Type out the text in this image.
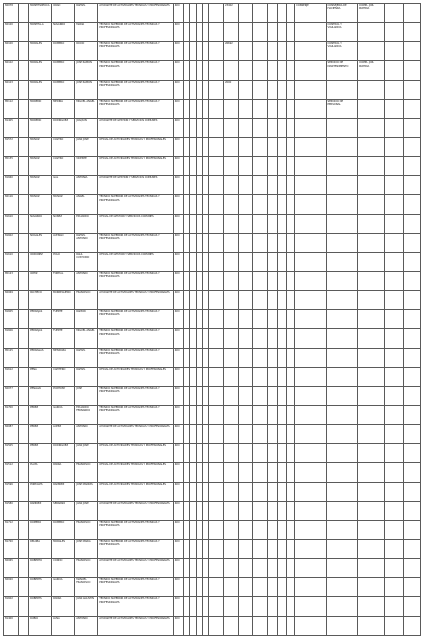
82078		MONTESDEOCA	ORAD	RAFAEL	AYUDANTE DE ACTIVIDADES TÉCNICAS Y PROFESIONALES	4DC						23402						CONSERJE	CONSEJERÍA DE HACIENDA	COMPL. JOR. PARTIDA		
82100		MONTELLA	NAVARRO	MARÍA	TÉCNICO SUPERIOR DE ACTIVIDADES TÉCNICAS Y PROFESIONALES	4DC													CONTROL Y VIGILANCIA			
82100		MORALES	ROMERO	ROCÍO	TÉCNICO SUPERIOR DE ACTIVIDADES TÉCNICAS Y PROFESIONALES	4DC						26692							CONTROL Y VIGILANCIA			
82102		MORALES	ROMERO	JOSÉ RAMÓN	TÉCNICO SUPERIOR DE ACTIVIDADES TÉCNICAS Y PROFESIONALES	4DC													SERVICIO DE MANTENIMIENTO	COMPL. JOR. PARTIDA		
82103		MORALES	ROMERO	JOSÉ RAMÓN	TÉCNICO SUPERIOR DE ACTIVIDADES TÉCNICAS Y PROFESIONALES	4DC						2000										
85112		MORENO	MEDINA	MIGUEL ÁNGEL	TÉCNICO SUPERIOR DE ACTIVIDADES TÉCNICAS Y PROFESIONALES	4DC													SERVICIO DE PERSONAL			
81405		MORENO	RODRÍGUEZ	JOAQUÍN	AYUDANTE DE GESTIÓN Y SERVICIOS COMUNES	4DC																
81572		MUÑOZ	CASTRO	JUAN JOSÉ	OFICIAL DE ACTIVIDADES TÉCNICAS Y PROFESIONALES	4DC																
85135		MUÑOZ	CASTRO	VICENTE	OFICIAL DE ACTIVIDADES TÉCNICAS Y PROFESIONALES	4DC																
81660		MUÑOZ	GAL	ANTONIA	AYUDANTE DE GESTIÓN Y SERVICIOS COMUNES	4DC																
82116		MUÑOZ	MUÑOZ	ÁNGEL	TÉCNICO SUPERIOR DE ACTIVIDADES TÉCNICAS Y PROFESIONALES	4DC																
81610		NAVARRO	NÚÑEZ	EDUARDO	OFICIAL DE GESTIÓN Y SERVICIOS COMUNES	4DC																
81602		NOGALES	LUENGO	RAFAEL ANTONIO	TÉCNICO SUPERIOR DE ACTIVIDADES TÉCNICAS Y PROFESIONALES	4DC																
81610		ORDÓÑEZ	POLO	RAÚL CUSTODIO	OFICIAL DE GESTIÓN Y SERVICIOS COMUNES	4DC																
85123		ORTIZ	FORTIAL	ANTONIO	TÉCNICO SUPERIOR DE ACTIVIDADES TÉCNICAS Y PROFESIONALES	4DC																
82069		PACHECO	BORREGUERO	FRANCISCO	AYUDANTE DE ACTIVIDADES TÉCNICAS Y PROFESIONALES	4DC																
81605		PEDRAJAS	FUERTE	RAMÓN	TÉCNICO SUPERIOR DE ACTIVIDADES TÉCNICAS Y PROFESIONALES	4DC																
81606		PEDRAJAS	FUERTE	MIGUEL ÁNGEL	TÉCNICO SUPERIOR DE ACTIVIDADES TÉCNICAS Y PROFESIONALES	4DC																
85125		PEDRAGAS	MENDOZA	RAFAEL	TÉCNICO SUPERIOR DE ACTIVIDADES TÉCNICAS Y PROFESIONALES	4DC																
81612		PEÑA	CAPITERO	RAFAEL	OFICIAL DE ACTIVIDADES TÉCNICAS Y PROFESIONALES	4DC																
82077		PEÑALVA	PONTONY	JOSÉ	TÉCNICO SUPERIOR DE ACTIVIDADES TÉCNICAS Y PROFESIONALES	4DC																
81700		PÉREZ	GARCÍA	EDUARDO FERNANDO	TÉCNICO SUPERIOR DE ACTIVIDADES TÉCNICAS Y PROFESIONALES	4DC																
82087		PÉREZ	LÓPEZ	ANTONIO	AYUDANTE DE ACTIVIDADES TÉCNICAS Y PROFESIONALES	4DC																
81505		PÉREZ	RODRÍGUEZ	JUAN JOSÉ	OFICIAL DE ACTIVIDADES TÉCNICAS Y PROFESIONALES	4DC																
81512		PLATA	PARRA	FRANCISCO	OFICIAL DE ACTIVIDADES TÉCNICAS Y PROFESIONALES	4DC																
81596		PORTALÉS	RAMÍREZ	JOSÉ MANUEL	OFICIAL DE ACTIVIDADES TÉCNICAS Y PROFESIONALES	4DC																
81580		RAMÍREZ	SERRANO	JUAN JOSÉ	AYUDANTE DE ACTIVIDADES TÉCNICAS Y PROFESIONALES	4DC																
81712		ROMERO	ROMERO	FRANCISCO	TÉCNICO SUPERIOR DE ACTIVIDADES TÉCNICAS Y PROFESIONALES	4DC																
81720		RELOBA	MORALES	JOSÉ MARÍA	TÉCNICO SUPERIOR DE ACTIVIDADES TÉCNICAS Y PROFESIONALES	4DC																
82065		ROBERTO	CORDO	FRANCISCO	AYUDANTE DE ACTIVIDADES TÉCNICAS Y PROFESIONALES	4DC																
82020		ROBERTS	GARCÍA	MANUEL FRANCISCO	TÉCNICO SUPERIOR DE ACTIVIDADES TÉCNICAS Y PROFESIONALES	4DC																
81602		ROBERTS	PARRA	JUAN AGUSTÍN	TÉCNICO SUPERIOR DE ACTIVIDADES TÉCNICAS Y PROFESIONALES	4DC																
81400		RUBIO	LUNA	ANTONIO	AYUDANTE DE ACTIVIDADES TÉCNICAS Y PROFESIONALES	4DC																
